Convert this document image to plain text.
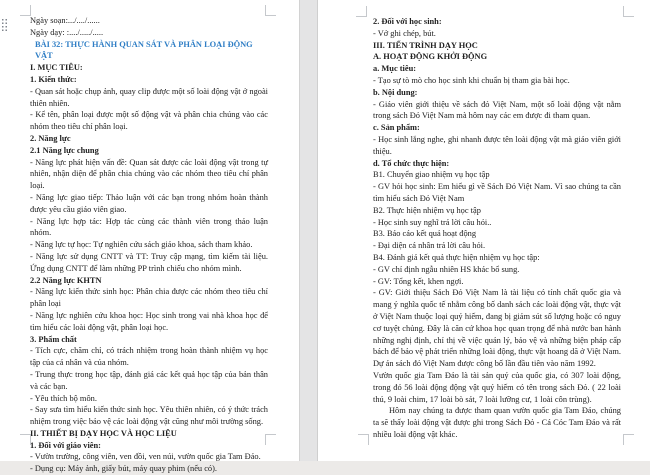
Ngày soạn:.../..../......
Ngày dạy: :..../...../.....
BÀI 32: THỰC HÀNH QUAN SÁT VÀ PHÂN LOẠI ĐỘNG VẬT
I. MỤC TIÊU:
1. Kiến thức:
- Quan sát hoặc chụp ảnh, quay clip được một số loài động vật ở ngoài thiên nhiên.
- Kể tên, phân loại được một số động vật và phân chia chúng vào các nhóm theo tiêu chí phân loại.
2. Năng lực
2.1 Năng lực chung
- Năng lực phát hiện vấn đề: Quan sát được các loài động vật trong tự nhiên, nhận diện để phân chia chúng vào các nhóm theo tiêu chí phân loại.
- Năng lực giao tiếp: Thảo luận với các bạn trong nhóm hoàn thành được yêu cầu giáo viên giao.
- Năng lực hợp tác: Hợp tác cùng các thành viên trong thảo luận nhóm.
- Năng lực tự học: Tự nghiên cứu sách giáo khoa, sách tham khảo.
- Năng lực sử dụng CNTT và TT: Truy cập mạng, tìm kiếm tài liệu. Ứng dụng CNTT để làm những PP trình chiếu cho nhóm mình.
2.2 Năng lực KHTN
- Năng lực kiến thức sinh học: Phân chia được các nhóm theo tiêu chí phân loại
- Năng lực nghiên cứu khoa học: Học sinh trong vai nhà khoa học để tìm hiểu các loài động vật, phân loại học.
3. Phẩm chất
- Tích cực, chăm chỉ, có trách nhiệm trong hoàn thành nhiệm vụ học tập của cá nhân và của nhóm.
- Trung thực trong học tập, đánh giá các kết quả học tập của bản thân và các bạn.
- Yêu thích bộ môn.
- Say sưa tìm hiểu kiến thức sinh học. Yêu thiên nhiên, có ý thức trách nhiệm trong việc bảo vệ các loài động vật cũng như môi trường sống.
II. THIẾT BỊ DẠY HỌC VÀ HỌC LIỆU
1. Đối với giáo viên:
- Vườn trường, công viên, ven đồi, ven núi, vườn quốc gia Tam Đảo.
- Dụng cụ: Máy ảnh, giấy bút, máy quay phim (nếu có).
2. Đối với học sinh:
- Vở ghi chép, bút.
III. TIẾN TRÌNH DẠY HỌC
A. HOẠT ĐỘNG KHỞI ĐỘNG
a. Mục tiêu:
- Tạo sự tò mò cho học sinh khi chuẩn bị tham gia bài học.
b. Nội dung:
- Giáo viên giới thiệu về sách đỏ Việt Nam, một số loài động vật nằm trong sách Đỏ Việt Nam mà hôm nay các em được đi tham quan.
c. Sản phẩm:
- Học sinh lắng nghe, ghi nhanh được tên loài động vật mà giáo viên giới thiệu.
d. Tổ chức thực hiện:
B1. Chuyển giao nhiệm vụ học tập
- GV hỏi học sinh: Em hiểu gì về Sách Đỏ Việt Nam. Vì sao chúng ta cần tìm hiểu sách Đỏ Việt Nam
B2. Thực hiện nhiệm vụ học tập
- Học sinh suy nghĩ trả lời câu hỏi..
B3. Báo cáo kết quả hoạt động
- Đại diện cá nhân trả lời câu hỏi.
B4. Đánh giá kết quả thực hiện nhiệm vụ học tập:
- GV chỉ định ngẫu nhiên HS khác bổ sung.
- GV: Tổng kết, khen ngợi.
- GV: Giới thiệu Sách Đỏ Việt Nam là tài liệu có tính chất quốc gia và mang ý nghĩa quốc tế nhằm công bố danh sách các loài động vật, thực vật ở Việt Nam thuộc loại quý hiếm, đang bị giảm sút số lượng hoặc có nguy cơ tuyệt chủng. Đây là căn cứ khoa học quan trọng để nhà nước ban hành những nghị định, chỉ thị về việc quản lý, bảo vệ và những biện pháp cấp bách để bảo vệ phát triển những loài động, thực vật hoang dã ở Việt Nam. Dự án sách đỏ Việt Nam được công bố lần đầu tiên vào năm 1992.
Vườn quốc gia Tam Đảo là tài sản quý của quốc gia, có 307 loài động, trong đó 56 loài động động vật quý hiếm có tên trong sách Đỏ. ( 22 loài thú, 9 loài chim, 17 loài bò sát, 7 loài lưỡng cư, 1 loài côn trùng).
Hôm nay chúng ta được tham quan vườn quốc gia Tam Đảo, chúng ta sẽ thấy loài động vật được ghi trong Sách Đỏ - Cá Cóc Tam Đảo và rất nhiều loài động vật khác.
